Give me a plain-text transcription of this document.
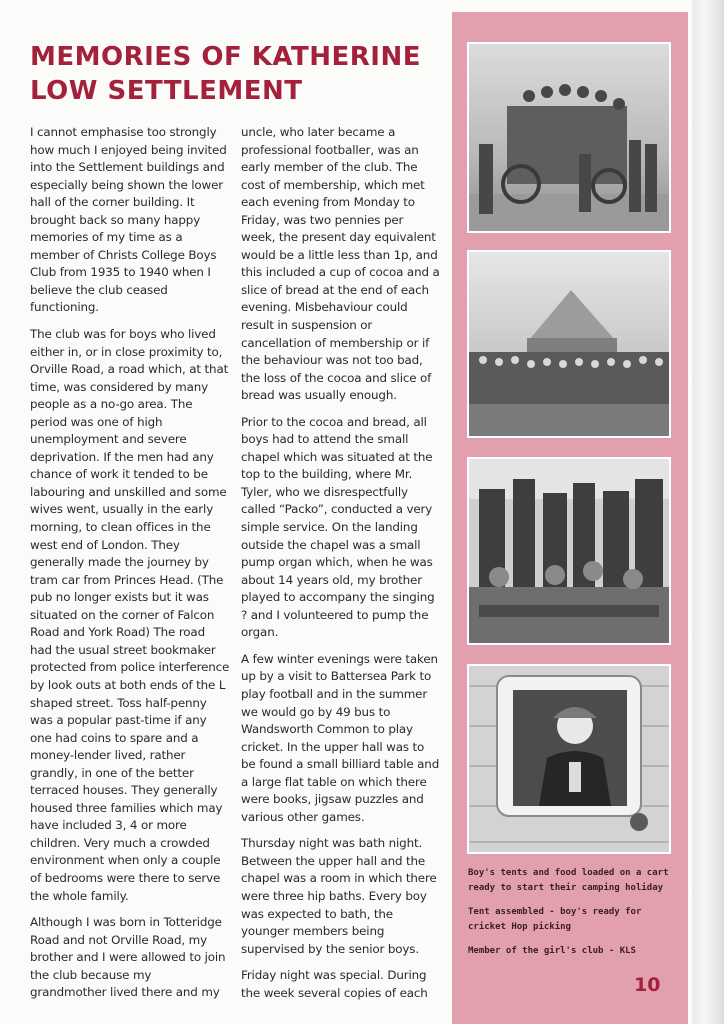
MEMORIES OF KATHERINE
LOW SETTLEMENT

I cannot emphasise too strongly how much I enjoyed being invited into the Settlement buildings and especially being shown the lower hall of the corner building. It brought back so many happy memories of my time as a member of Christs College Boys Club from 1935 to 1940 when I believe the club ceased functioning.

The club was for boys who lived either in, or in close proximity to, Orville Road, a road which, at that time, was considered by many people as a no-go area. The period was one of high unemployment and severe deprivation. If the men had any chance of work it tended to be labouring and unskilled and some wives went, usually in the early morning, to clean offices in the west end of London. They generally made the journey by tram car from Princes Head. (The pub no longer exists but it was situated on the corner of Falcon Road and York Road) The road had the usual street bookmaker protected from police interference by look outs at both ends of the L shaped street. Toss half-penny was a popular past-time if any one had coins to spare and a money-lender lived, rather grandly, in one of the better terraced houses. They generally housed three families which may have included 3, 4 or more children. Very much a crowded environment when only a couple of bedrooms were there to serve the whole family.

Although I was born in Totteridge Road and not Orville Road, my brother and I were allowed to join the club because my grandmother lived there and my

uncle, who later became a professional footballer, was an early member of the club. The cost of membership, which met each evening from Monday to Friday, was two pennies per week, the present day equivalent would be a little less than 1p, and this included a cup of cocoa and a slice of bread at the end of each evening. Misbehaviour could result in suspension or cancellation of membership or if the behaviour was not too bad, the loss of the cocoa and slice of bread was usually enough.

Prior to the cocoa and bread, all boys had to attend the small chapel which was situated at the top to the building, where Mr. Tyler, who we disrespectfully called “Packo”, conducted a very simple service. On the landing outside the chapel was a small pump organ which, when he was about 14 years old, my brother played to accompany the singing ? and I volunteered to pump the organ.

A few winter evenings were taken up by a visit to Battersea Park to play football and in the summer we would go by 49 bus to Wandsworth Common to play cricket. In the upper hall was to be found a small billiard table and a large flat table on which there were books, jigsaw puzzles and various other games.

Thursday night was bath night. Between the upper hall and the chapel was a room in which there were three hip baths. Every boy was expected to bath, the younger members being supervised by the senior boys.

Friday night was special. During the week several copies of each

Boy's tents and food loaded on a cart ready to start their camping holiday

Tent assembled - boy's ready for cricket Hop picking

Member of the girl's club - KLS

10
